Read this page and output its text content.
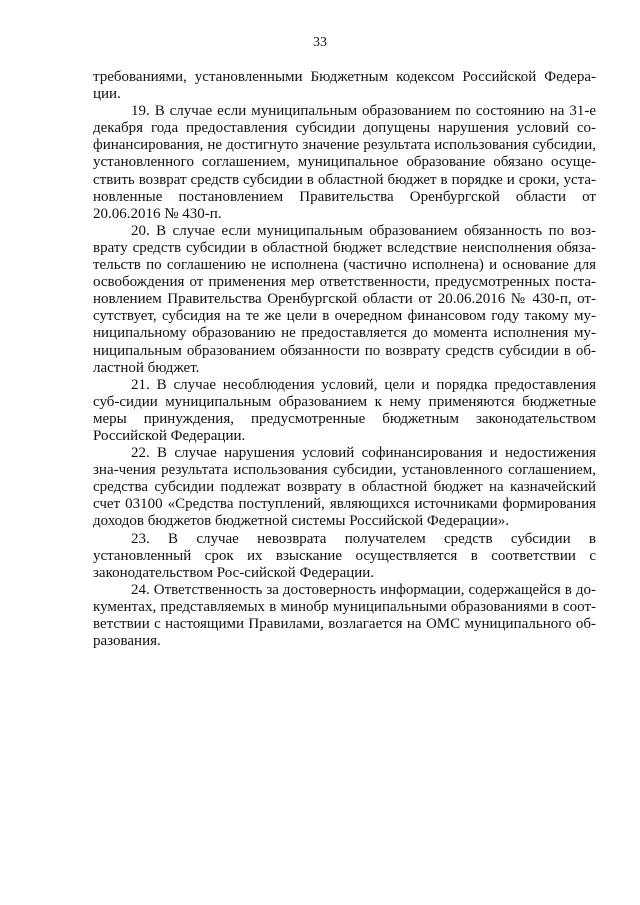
33

требованиями, установленными Бюджетным кодексом Российской Федера-ции.

19. В случае если муниципальным образованием по состоянию на 31-е декабря года предоставления субсидии допущены нарушения условий со-финансирования, не достигнуто значение результата использования субсидии, установленного соглашением, муниципальное образование обязано осуще-ствить возврат средств субсидии в областной бюджет в порядке и сроки, уста-новленные постановлением Правительства Оренбургской области от 20.06.2016 № 430-п.

20. В случае если муниципальным образованием обязанность по воз-врату средств субсидии в областной бюджет вследствие неисполнения обяза-тельств по соглашению не исполнена (частично исполнена) и основание для освобождения от применения мер ответственности, предусмотренных поста-новлением Правительства Оренбургской области от 20.06.2016 № 430-п, от-сутствует, субсидия на те же цели в очередном финансовом году такому му-ниципальному образованию не предоставляется до момента исполнения му-ниципальным образованием обязанности по возврату средств субсидии в об-ластной бюджет.

21. В случае несоблюдения условий, цели и порядка предоставления суб-сидии муниципальным образованием к нему применяются бюджетные меры принуждения, предусмотренные бюджетным законодательством Российской Федерации.

22. В случае нарушения условий софинансирования и недостижения зна-чения результата использования субсидии, установленного соглашением, средства субсидии подлежат возврату в областной бюджет на казначейский счет 03100 «Средства поступлений, являющихся источниками формирования доходов бюджетов бюджетной системы Российской Федерации».

23. В случае невозврата получателем средств субсидии в установленный срок их взыскание осуществляется в соответствии с законодательством Рос-сийской Федерации.

24. Ответственность за достоверность информации, содержащейся в до-кументах, представляемых в минобр муниципальными образованиями в соот-ветствии с настоящими Правилами, возлагается на ОМС муниципального об-разования.
